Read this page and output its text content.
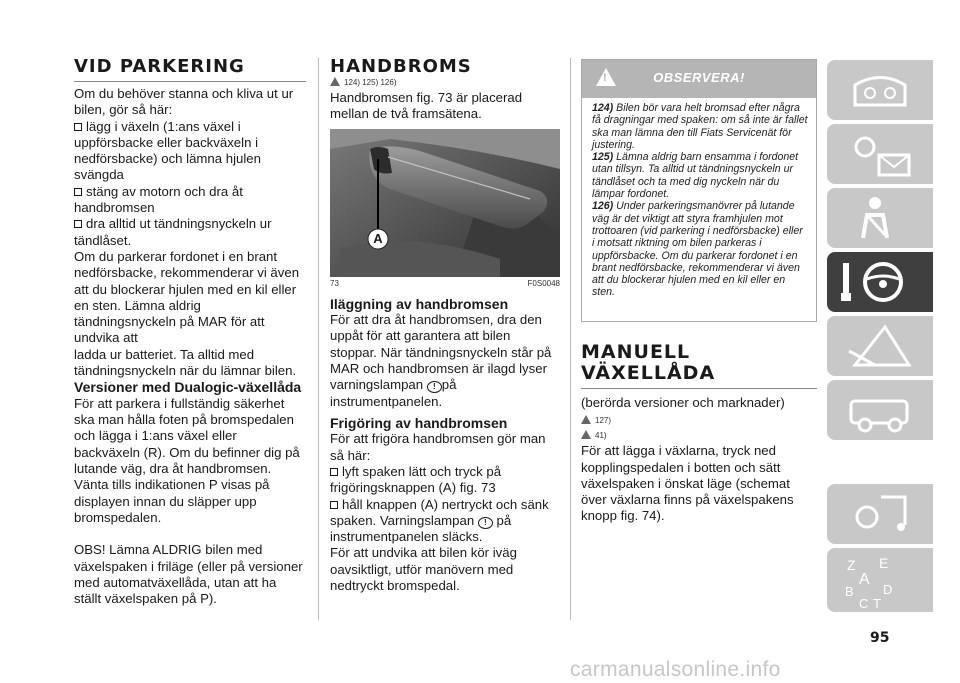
VID PARKERING

Om du behöver stanna och kliva ut ur bilen, gör så här:

lägg i växeln (1:ans växel i uppförsbacke eller backväxeln i nedförsbacke) och lämna hjulen svängda

stäng av motorn och dra åt handbromsen

dra alltid ut tändningsnyckeln ur tändlåset.

Om du parkerar fordonet i en brant nedförsbacke, rekommenderar vi även att du blockerar hjulen med en kil eller en sten. Lämna aldrig tändningsnyckeln på MAR för att undvika att

ladda ur batteriet. Ta alltid med tändningsnyckeln när du lämnar bilen.

Versioner med Dualogic-växellåda

För att parkera i fullständig säkerhet ska man hålla foten på bromspedalen och lägga i 1:ans växel eller backväxeln (R). Om du befinner dig på lutande väg, dra åt handbromsen.

Vänta tills indikationen P visas på displayen innan du släpper upp bromspedalen.

OBS! Lämna ALDRIG bilen med växelspaken i friläge (eller på versioner med automatväxellåda, utan att ha ställt växelspaken på P).

HANDBROMS
124) 125) 126)

Handbromsen fig. 73 är placerad mellan de två framsätena.

A
73	F0S0048

Iläggning av handbromsen

För att dra åt handbromsen, dra den uppåt för att garantera att bilen stoppar. När tändningsnyckeln står på MAR och handbromsen är ilagd lyser varningslampan ! på instrumentpanelen.

Frigöring av handbromsen

För att frigöra handbromsen gör man så här:

lyft spaken lätt och tryck på frigöringsknappen (A) fig. 73

håll knappen (A) nertryckt och sänk spaken. Varningslampan ! på instrumentpanelen släcks.

För att undvika att bilen kör iväg oavsiktligt, utför manövern med nedtryckt bromspedal.

!	OBSERVERA!

124) Bilen bör vara helt bromsad efter några få dragningar med spaken: om så inte är fallet ska man lämna den till Fiats Servicenät för justering.

125) Lämna aldrig barn ensamma i fordonet utan tillsyn. Ta alltid ut tändningsnyckeln ur tändlåset och ta med dig nyckeln när du lämpar fordonet.

126) Under parkeringsmanövrer på lutande väg är det viktigt att styra framhjulen mot trottoaren (vid parkering i nedförsbacke) eller i motsatt riktning om bilen parkeras i uppförsbacke. Om du parkerar fordonet i en brant nedförsbacke, rekommenderar vi även att du blockerar hjulen med en kil eller en sten.

MANUELL
VÄXELLÅDA

(berörda versioner och marknader)

127)
41)

För att lägga i växlarna, tryck ned kopplingspedalen i botten och sätt växelspaken i önskat läge (schemat över växlarna finns på växelspakens knopp fig. 74).

Z E
A
B D
C T
95
carmanualsonline.info
